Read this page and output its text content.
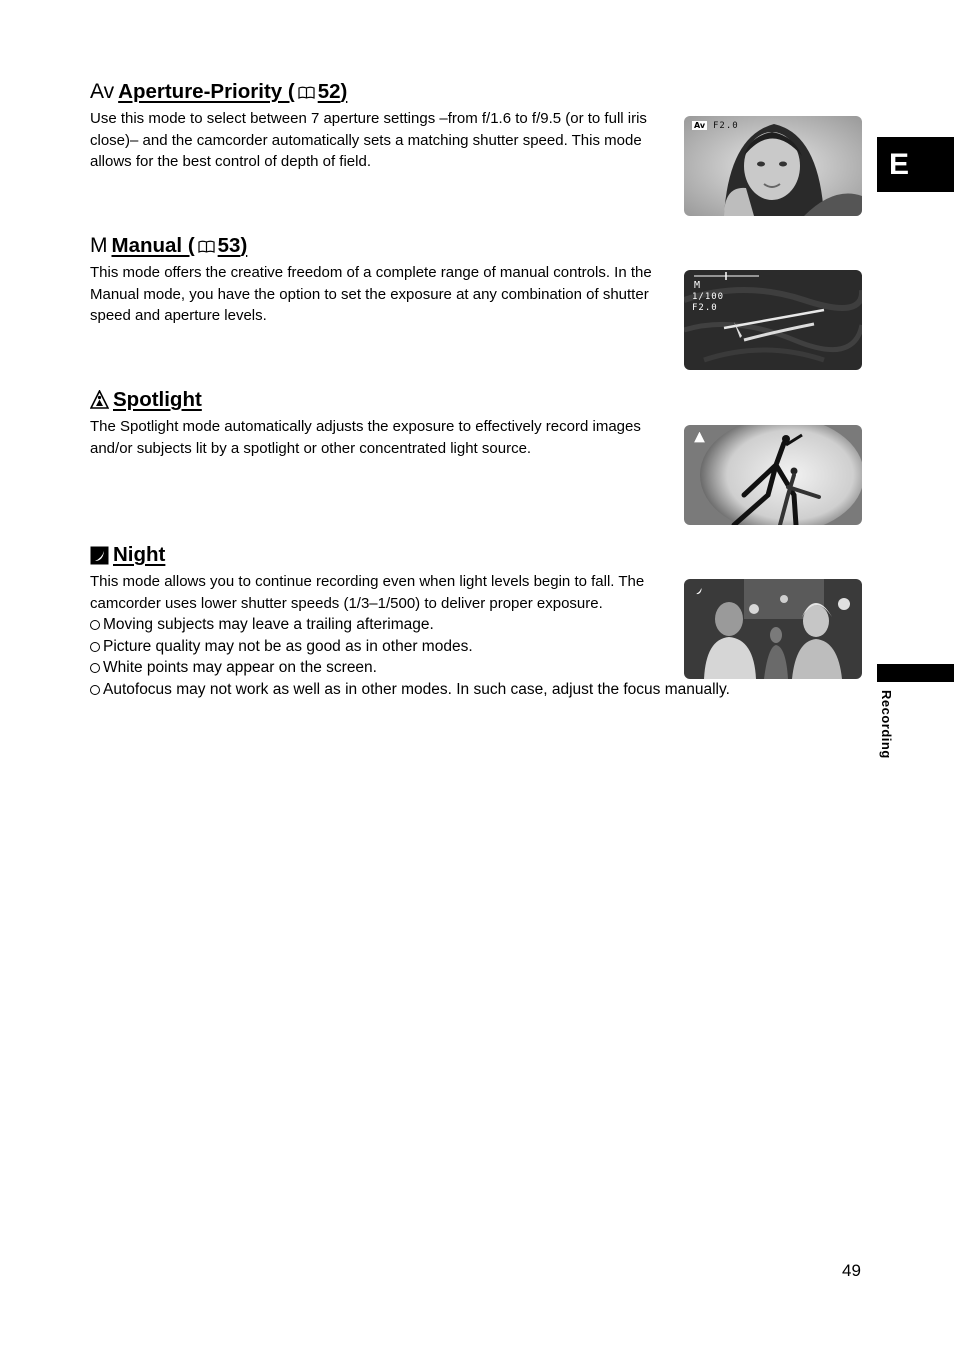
Av Aperture-Priority ( 52)

Use this mode to select between 7 aperture settings –from f/1.6 to f/9.5 (or to full iris close)– and the camcorder automatically sets a matching shutter speed. This mode allows for the best control of depth of field.

Av F2.0
M Manual ( 53)

This mode offers the creative freedom of a complete range of manual controls. In the Manual mode, you have the option to set the exposure at any combination of shutter speed and aperture levels.

M
1/100
F2.0
Spotlight

The Spotlight mode automatically adjusts the exposure to effectively record images and/or subjects lit by a spotlight or other concentrated light source.

Night

This mode allows you to continue recording even when light levels begin to fall. The camcorder uses lower shutter speeds (1/3–1/500) to deliver proper exposure.

Moving subjects may leave a trailing afterimage.
Picture quality may not be as good as in other modes.
White points may appear on the screen.
Autofocus may not work as well as in other modes. In such case, adjust the focus manually.
E
Recording
49
